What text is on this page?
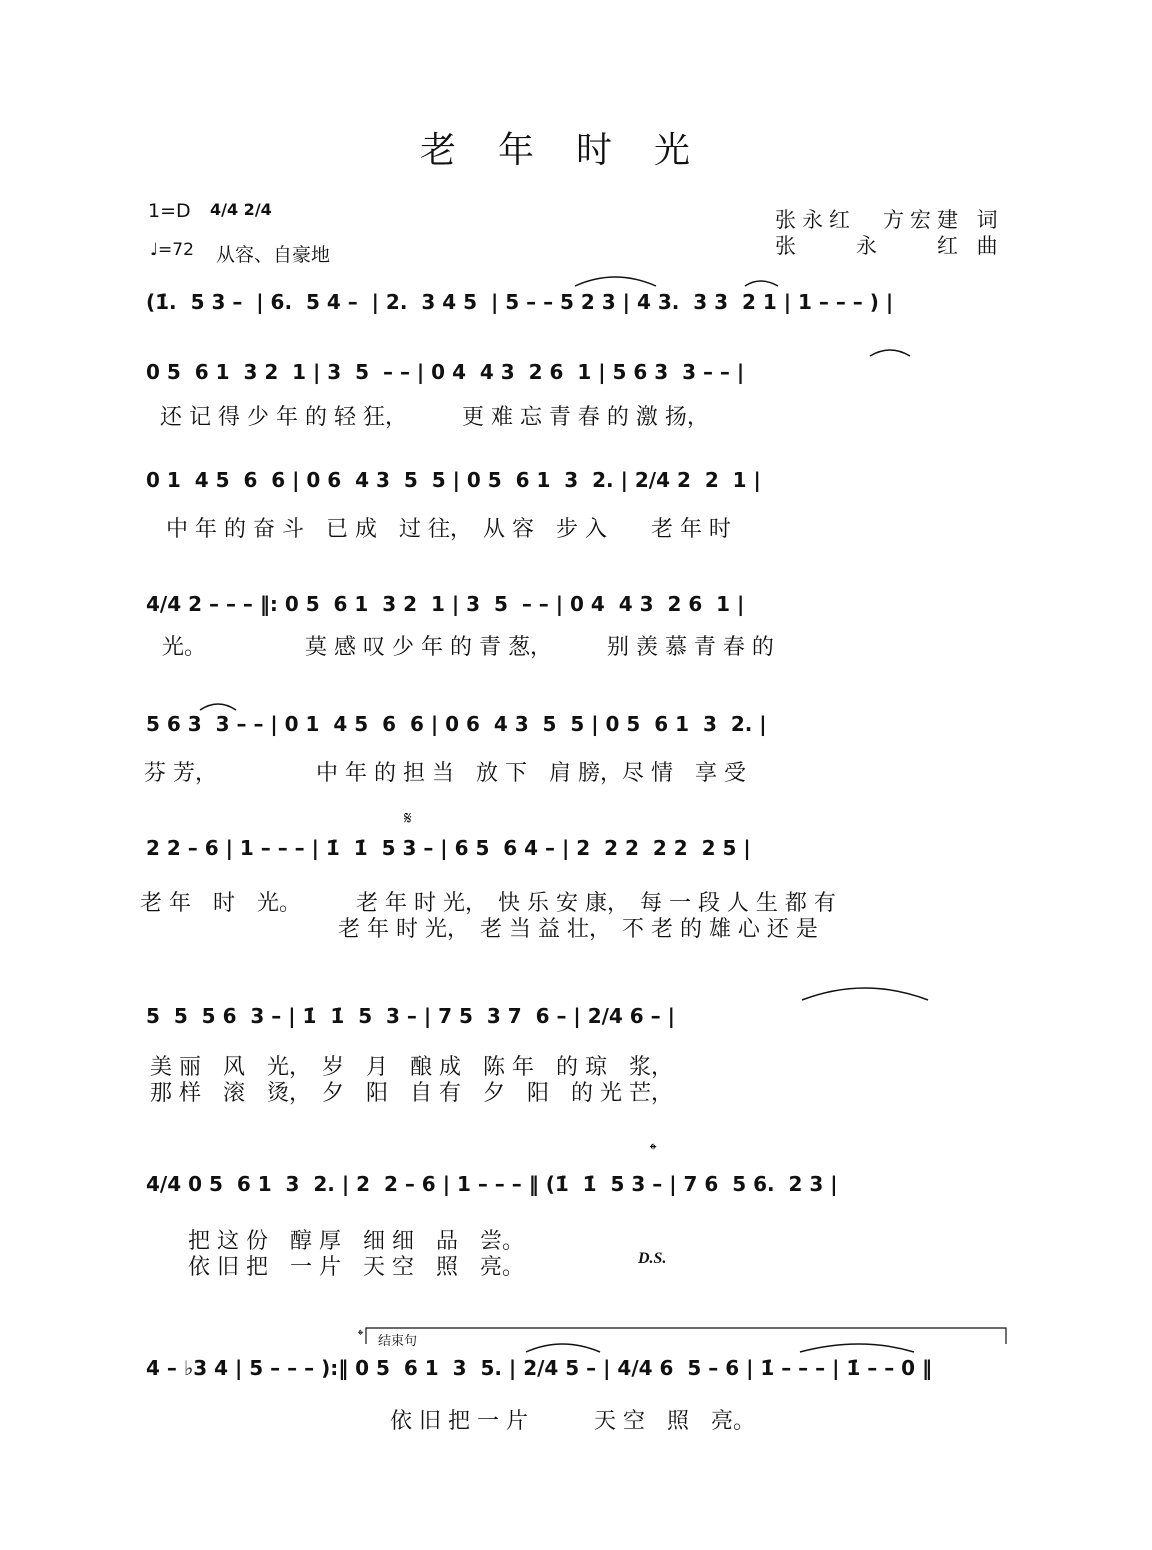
老年时光
1=D 4/4 2/4
♩=72 从容、自豪地
张永红　方宏建 词
张　　永　　红 曲
(1̇.  5 3 –  | 6.  5 4 –  | 2.  3 4 5  | 5 – – 5 2 3 | 4 3.  3 3  2 1 | 1 – – – ) |
0 5  6 1  3 2  1 | 3  5  – – | 0 4  4 3  2 6  1 | 5 6 3  3 – – |
还 记 得 少 年 的 轻 狂，　　　更 难 忘 青 春 的 激 扬，
0 1  4 5  6  6 | 0 6  4 3  5  5 | 0 5  6 1  3  2. | 2/4 2  2  1 |
中 年 的 奋 斗　已 成　过 往，　从 容　步 入　　老 年 时
4/4 2 – – – ‖: 0 5  6 1  3 2  1 | 3  5  – – | 0 4  4 3  2 6  1 |
光。　　　　　莫 感 叹 少 年 的 青 葱，　　　别 羡 慕 青 春 的
5 6 3  3 – – | 0 1  4 5  6  6 | 0 6  4 3  5  5 | 0 5  6 1  3  2. |
芬 芳，　　　　　中 年 的 担 当　放 下　肩 膀，尽 情　享 受
𝄋
2 2 – 6 | 1 – – – | 1̇  1̇  5 3 – | 6 5  6 4 – | 2  2 2  2 2  2 5 |
老 年　时　光。　　　老 年 时 光，　快 乐 安 康，　每 一 段 人 生 都 有
　　　　　　　　　老 年 时 光，　老 当 益 壮，　不 老 的 雄 心 还 是
5  5  5 6  3 – | 1̇  1̇  5  3 – | 7 5  3 7  6 – | 2/4 6 – |
美 丽　风　光，　岁　月　酿 成　陈 年　的 琼　浆，
那 样　滚　烫，　夕　阳　自 有　夕　阳　的 光 芒，
𝄌
4/4 0 5  6 1  3  2. | 2  2 – 6 | 1 – – – ‖ (1̇  1̇  5 3 – | 7 6  5 6.  2 3 |
把 这 份　醇 厚　细 细　品　尝。
依 旧 把　一 片　天 空　照　亮。	D.S.
𝄌 结束句
4 – ♭3 4 | 5 – – – ):‖ 0 5  6 1  3  5. | 2/4 5 – | 4/4 6  5 – 6 | 1̇ – – – | 1̇ – – 0 ‖
依 旧 把 一 片　　　天 空　照　亮。
